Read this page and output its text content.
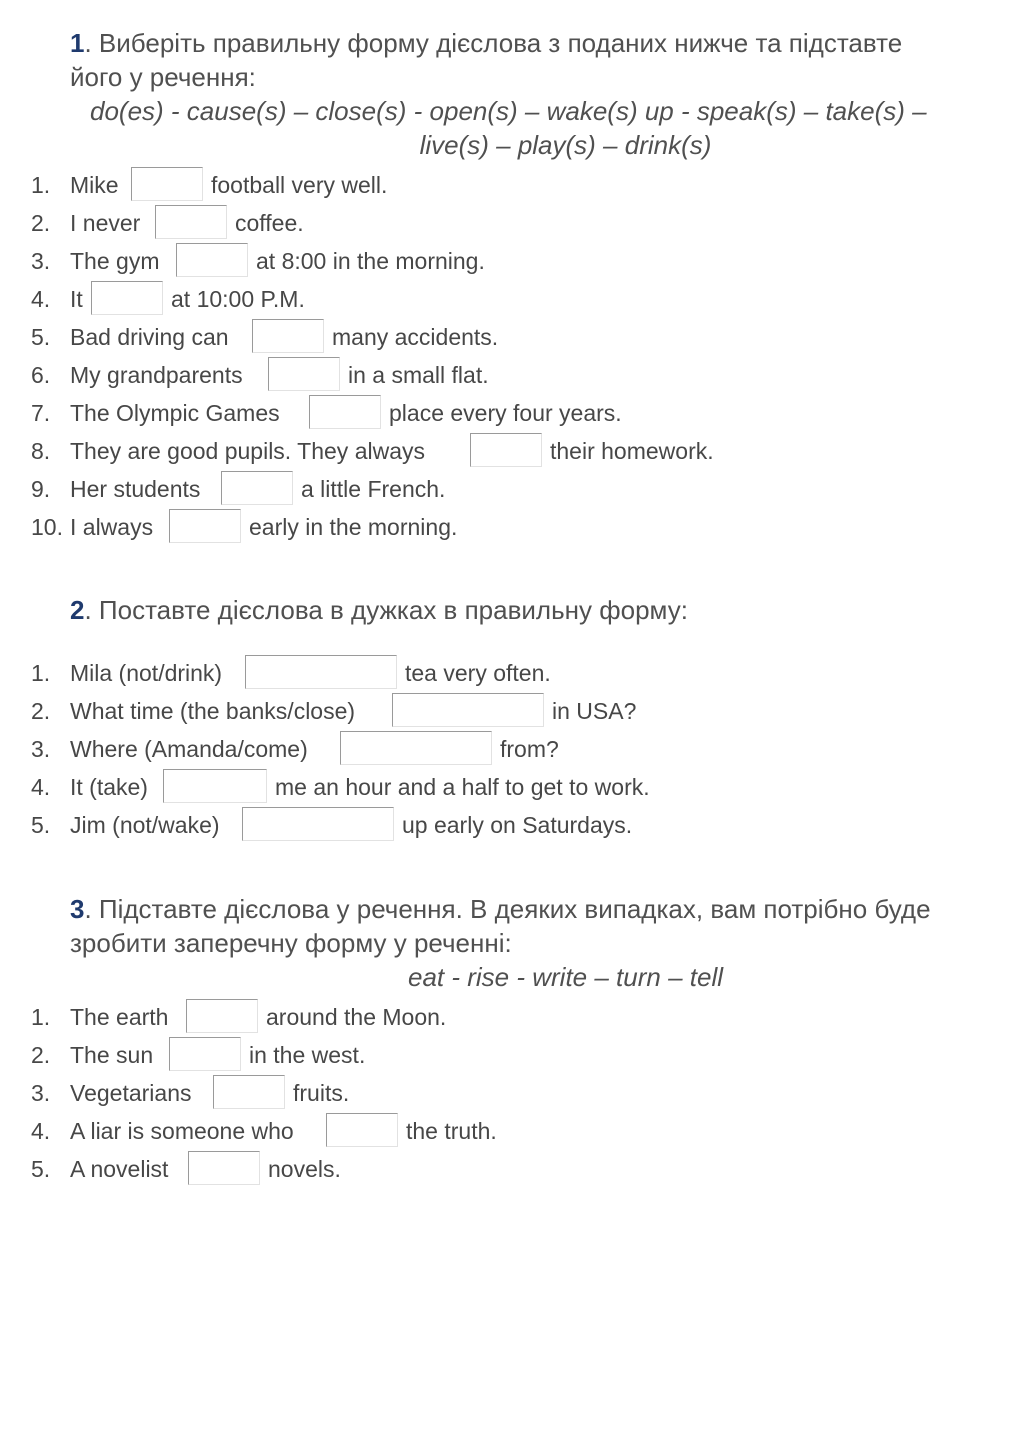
1. Виберіть правильну форму дієслова з поданих нижче та підставте
його у речення:
do(es) - cause(s) – close(s) - open(s) – wake(s) up - speak(s) – take(s) –
live(s) – play(s) – drink(s)
1. Mike	football very well.
2. I never	coffee.
3. The gym	at 8:00 in the morning.
4. It	at 10:00 P.M.
5. Bad driving can	many accidents.
6. My grandparents	in a small flat.
7. The Olympic Games	place every four years.
8. They are good pupils. They always	their homework.
9. Her students	a little French.
10. I always	early in the morning.
2. Поставте дієслова в дужках в правильну форму:
1. Mila (not/drink)	tea very often.
2. What time (the banks/close)	in USA?
3. Where (Amanda/come)	from?
4. It (take)	me an hour and a half to get to work.
5. Jim (not/wake)	up early on Saturdays.
3. Підставте дієслова у речення. В деяких випадках, вам потрібно буде
зробити заперечну форму у реченні:
eat - rise - write – turn – tell
1. The earth	around the Moon.
2. The sun	in the west.
3. Vegetarians	fruits.
4. A liar is someone who	the truth.
5. A novelist	novels.
